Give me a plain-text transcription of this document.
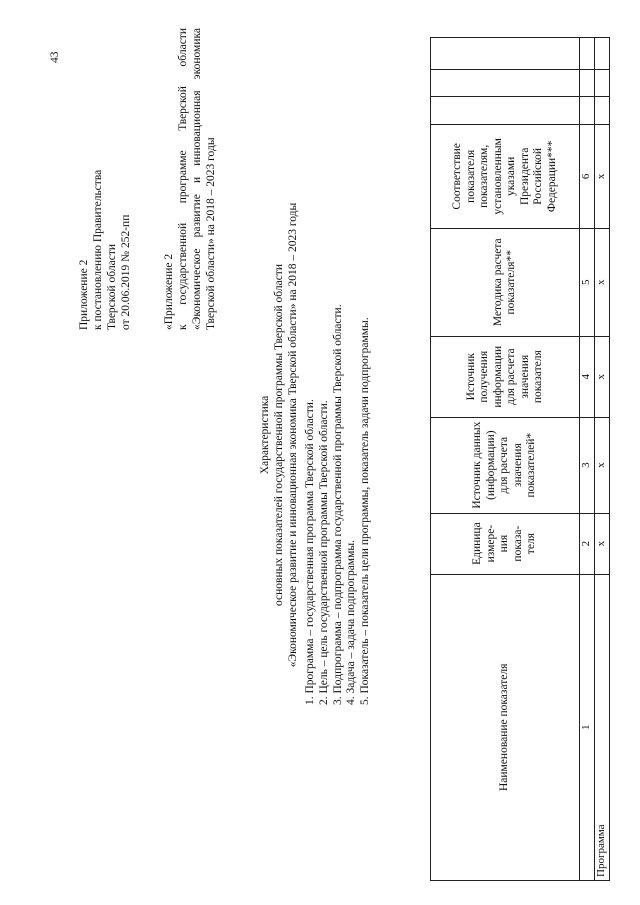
43
Приложение 2 к постановлению Правительства Тверской области от 20.06.2019 № 252-пп	«Приложение 2 к государственной программе Тверской области «Экономическое развитие и инновационная экономика Тверской области» на 2018 – 2023 годы
Характеристика основных показателей государственной программы Тверской области «Экономическое развитие и инновационная экономика Тверской области» на 2018 – 2023 годы 1. Программа – государственная программа Тверской области. 2. Цель – цель государственной программы Тверской области. 3. Подпрограмма – подпрограмма государственной программы Тверской области. 4. Задача – задача подпрограммы. 5. Показатель – показатель цели программы, показатель задачи подпрограммы.
Наименование показателя	Единица измере-ния показа-теля	Источник данных (информации) для расчета значения показателей*	Источник получения информации для расчета значения показателя	Методика расчета показателя**	Соответствие показателя показателям, установленным указами Президента Российской Федерации***			
1	2	3	4	5	6			
Программа	х	х	х	х	х			
